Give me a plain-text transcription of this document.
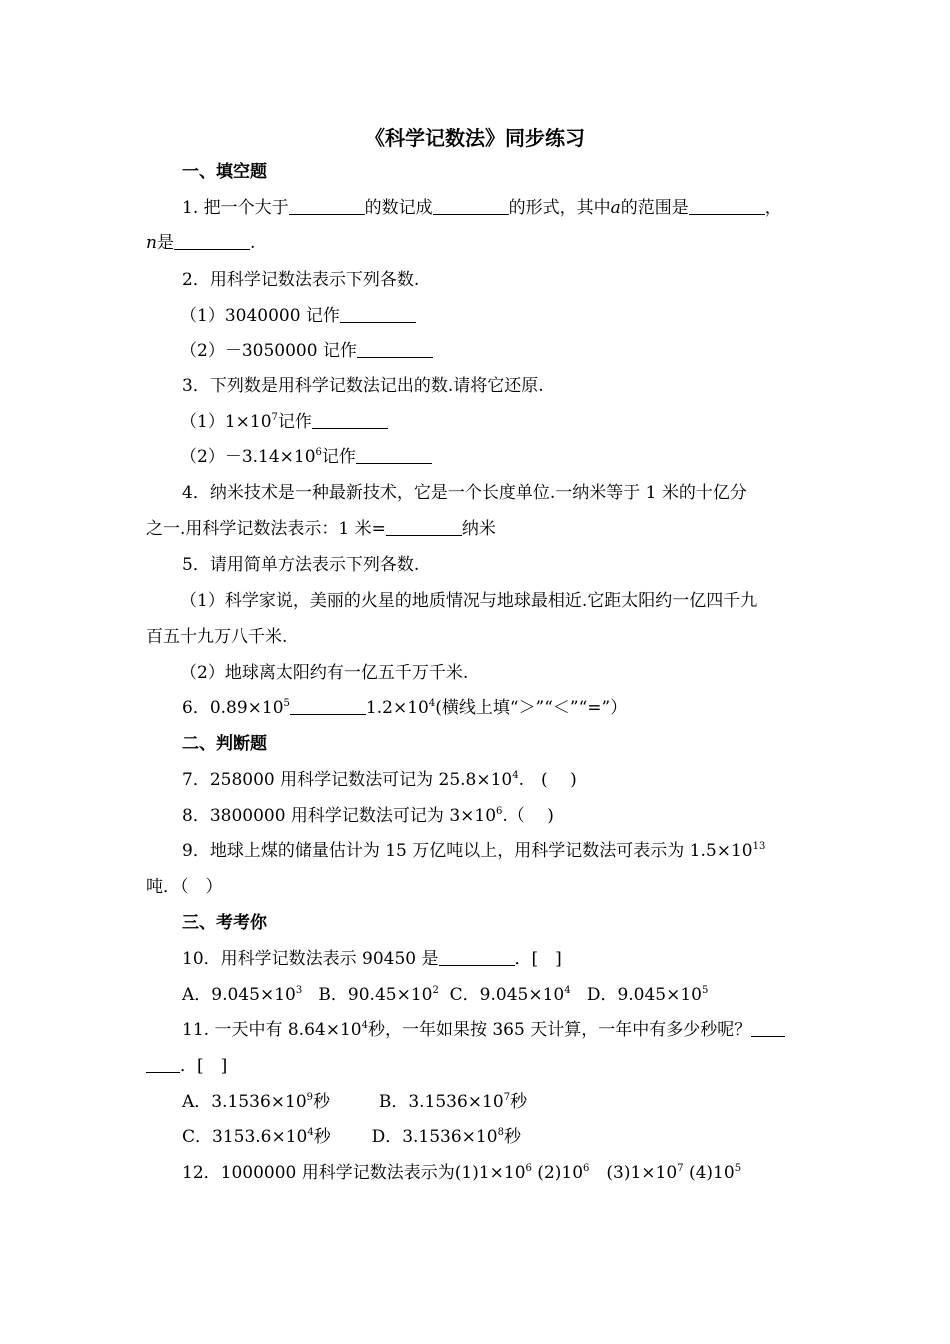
《科学记数法》同步练习
一、填空题
1. 把一个大于	的数记成	的形式，其中a的范围是	，
n是	.
2．用科学记数法表示下列各数.
（1）3040000 记作
（2）－3050000 记作
3．下列数是用科学记数法记出的数.请将它还原.
$(1)1\times 10^7$记作
$(2)-3.14\times 10^6$记作
4．纳米技术是一种最新技术，它是一个长度单位.一纳米等于 1 米的十亿分
之一.用科学记数法表示：1 米=	纳米
5．请用简单方法表示下列各数.
（1）科学家说，美丽的火星的地质情况与地球最相近.它距太阳约一亿四千九
百五十九万八千米.
（2）地球离太阳约有一亿五千万千米.
6．$0.89\times 10^5$	$1.2\times 10^4$(横线上填“＞”“＜”“=”）
二、判断题
7．258000 用科学记数法可记为 $25.8\times 10^4$.　(　 )
8．3800000 用科学记数法可记为 $3\times 10^6$.（　 )
9．地球上煤的储量估计为 15 万亿吨以上，用科学记数法可表示为 $1.5\times 10^{13}$
吨．（　）
三、考考你
10．用科学记数法表示 90450 是	．[　]
A．$9.045\times 10^3$ B．$90.45\times 10^2$ C．$9.045\times 10^4$ D．$9.045\times 10^5$
11. 一天中有 $8.64\times 10^4$秒，一年如果按 365 天计算，一年中有多少秒呢？
．[　]
A．$3.1536\times 10^9$秒	B．$3.1536\times 10^7$秒
C．$3153.6\times 10^4$秒 D．$3.1536\times 10^8$秒
12．1000000 用科学记数法表示为$(1)1\times 10^6$ $(2)10^6$　$(3)1\times 10^7$ $(4)10^5$
